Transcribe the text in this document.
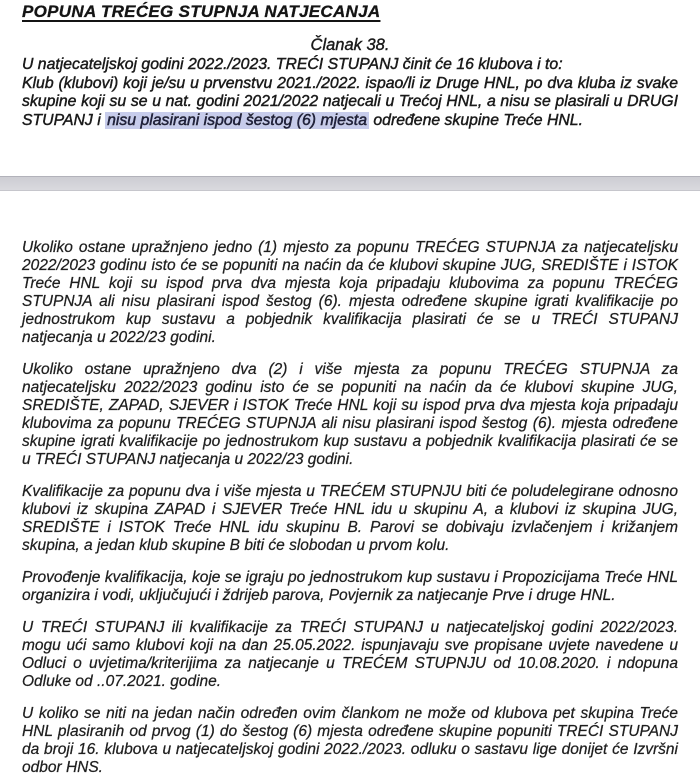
POPUNA TREĆEG STUPNJA NATJECANJA
Članak 38.
U natjecateljskoj godini 2022./2023. TREĆI STUPANJ činit će 16 klubova i to:
Klub (klubovi) koji je/su u prvenstvu 2021./2022. ispao/li iz Druge HNL, po dva kluba iz svake skupine koji su se u nat. godini 2021/2022 natjecali u Trećoj HNL, a nisu se plasirali u DRUGI STUPANJ i nisu plasirani ispod šestog (6) mjesta određene skupine Treće HNL.

Ukoliko ostane upražnjeno jedno (1) mjesto za popunu TREĆEG STUPNJA za natjecateljsku 2022/2023 godinu isto će se popuniti na naćin da će klubovi skupine JUG, SREDIŠTE i ISTOK Treće HNL koji su ispod prva dva mjesta koja pripadaju klubovima za popunu TREĆEG STUPNJA ali nisu plasirani ispod šestog (6). mjesta određene skupine igrati kvalifikacije po jednostrukom kup sustavu a pobjednik kvalifikacija plasirati će se u TREĆI STUPANJ natjecanja u 2022/23 godini.

Ukoliko ostane upražnjeno dva (2) i više mjesta za popunu TREĆEG STUPNJA za natjecateljsku 2022/2023 godinu isto će se popuniti na naćin da će klubovi skupine JUG, SREDIŠTE, ZAPAD, SJEVER i ISTOK Treće HNL koji su ispod prva dva mjesta koja pripadaju klubovima za popunu TREĆEG STUPNJA ali nisu plasirani ispod šestog (6). mjesta određene skupine igrati kvalifikacije po jednostrukom kup sustavu a pobjednik kvalifikacija plasirati će se u TREĆI STUPANJ natjecanja u 2022/23 godini.

Kvalifikacije za popunu dva i više mjesta u TREĆEM STUPNJU biti će poludelegirane odnosno klubovi iz skupina ZAPAD i SJEVER Treće HNL idu u skupinu A, a klubovi iz skupina JUG, SREDIŠTE i ISTOK Treće HNL idu skupinu B. Parovi se dobivaju izvlačenjem i križanjem skupina, a jedan klub skupine B biti će slobodan u prvom kolu.

Provođenje kvalifikacija, koje se igraju po jednostrukom kup sustavu i Propozicijama Treće HNL organizira i vodi, uključujući i ždrijeb parova, Povjernik za natjecanje Prve i druge HNL.

U TREĆI STUPANJ ili kvalifikacije za TREĆI STUPANJ u natjecateljskoj godini 2022/2023. mogu ući samo klubovi koji na dan 25.05.2022. ispunjavaju sve propisane uvjete navedene u Odluci o uvjetima/kriterijima za natjecanje u TREĆEM STUPNJU od 10.08.2020. i ndopuna Odluke od ..07.2021. godine.

U koliko se niti na jedan način određen ovim člankom ne može od klubova pet skupina Treće HNL plasiranih od prvog (1) do šestog (6) mjesta određene skupine popuniti TREĆI STUPANJ da broji 16. klubova u natjecateljskoj godini 2022./2023. odluku o sastavu lige donijet će Izvršni odbor HNS.
